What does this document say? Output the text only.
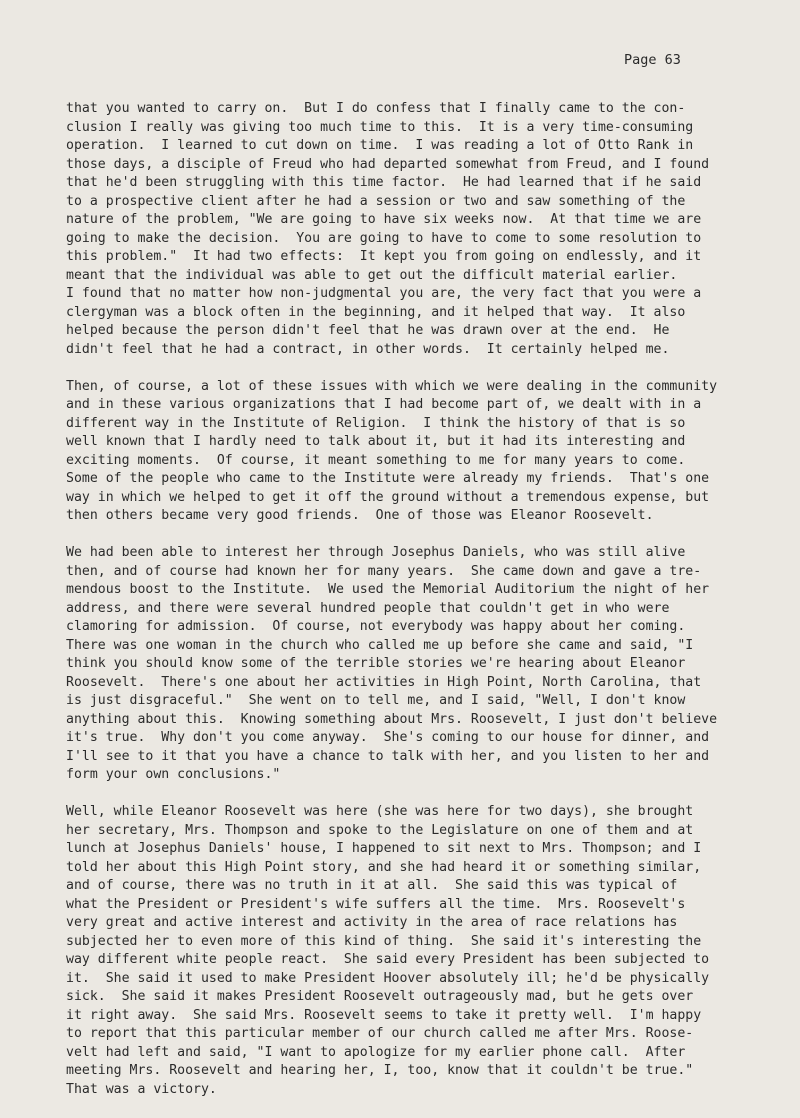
Page 63

that you wanted to carry on.  But I do confess that I finally came to the con-
clusion I really was giving too much time to this.  It is a very time-consuming
operation.  I learned to cut down on time.  I was reading a lot of Otto Rank in
those days, a disciple of Freud who had departed somewhat from Freud, and I found
that he'd been struggling with this time factor.  He had learned that if he said
to a prospective client after he had a session or two and saw something of the
nature of the problem, "We are going to have six weeks now.  At that time we are
going to make the decision.  You are going to have to come to some resolution to
this problem."  It had two effects:  It kept you from going on endlessly, and it
meant that the individual was able to get out the difficult material earlier.
I found that no matter how non-judgmental you are, the very fact that you were a
clergyman was a block often in the beginning, and it helped that way.  It also
helped because the person didn't feel that he was drawn over at the end.  He
didn't feel that he had a contract, in other words.  It certainly helped me.

Then, of course, a lot of these issues with which we were dealing in the community
and in these various organizations that I had become part of, we dealt with in a
different way in the Institute of Religion.  I think the history of that is so
well known that I hardly need to talk about it, but it had its interesting and
exciting moments.  Of course, it meant something to me for many years to come.
Some of the people who came to the Institute were already my friends.  That's one
way in which we helped to get it off the ground without a tremendous expense, but
then others became very good friends.  One of those was Eleanor Roosevelt.

We had been able to interest her through Josephus Daniels, who was still alive
then, and of course had known her for many years.  She came down and gave a tre-
mendous boost to the Institute.  We used the Memorial Auditorium the night of her
address, and there were several hundred people that couldn't get in who were
clamoring for admission.  Of course, not everybody was happy about her coming.
There was one woman in the church who called me up before she came and said, "I
think you should know some of the terrible stories we're hearing about Eleanor
Roosevelt.  There's one about her activities in High Point, North Carolina, that
is just disgraceful."  She went on to tell me, and I said, "Well, I don't know
anything about this.  Knowing something about Mrs. Roosevelt, I just don't believe
it's true.  Why don't you come anyway.  She's coming to our house for dinner, and
I'll see to it that you have a chance to talk with her, and you listen to her and
form your own conclusions."

Well, while Eleanor Roosevelt was here (she was here for two days), she brought
her secretary, Mrs. Thompson and spoke to the Legislature on one of them and at
lunch at Josephus Daniels' house, I happened to sit next to Mrs. Thompson; and I
told her about this High Point story, and she had heard it or something similar,
and of course, there was no truth in it at all.  She said this was typical of
what the President or President's wife suffers all the time.  Mrs. Roosevelt's
very great and active interest and activity in the area of race relations has
subjected her to even more of this kind of thing.  She said it's interesting the
way different white people react.  She said every President has been subjected to
it.  She said it used to make President Hoover absolutely ill; he'd be physically
sick.  She said it makes President Roosevelt outrageously mad, but he gets over
it right away.  She said Mrs. Roosevelt seems to take it pretty well.  I'm happy
to report that this particular member of our church called me after Mrs. Roose-
velt had left and said, "I want to apologize for my earlier phone call.  After
meeting Mrs. Roosevelt and hearing her, I, too, know that it couldn't be true."
That was a victory.
